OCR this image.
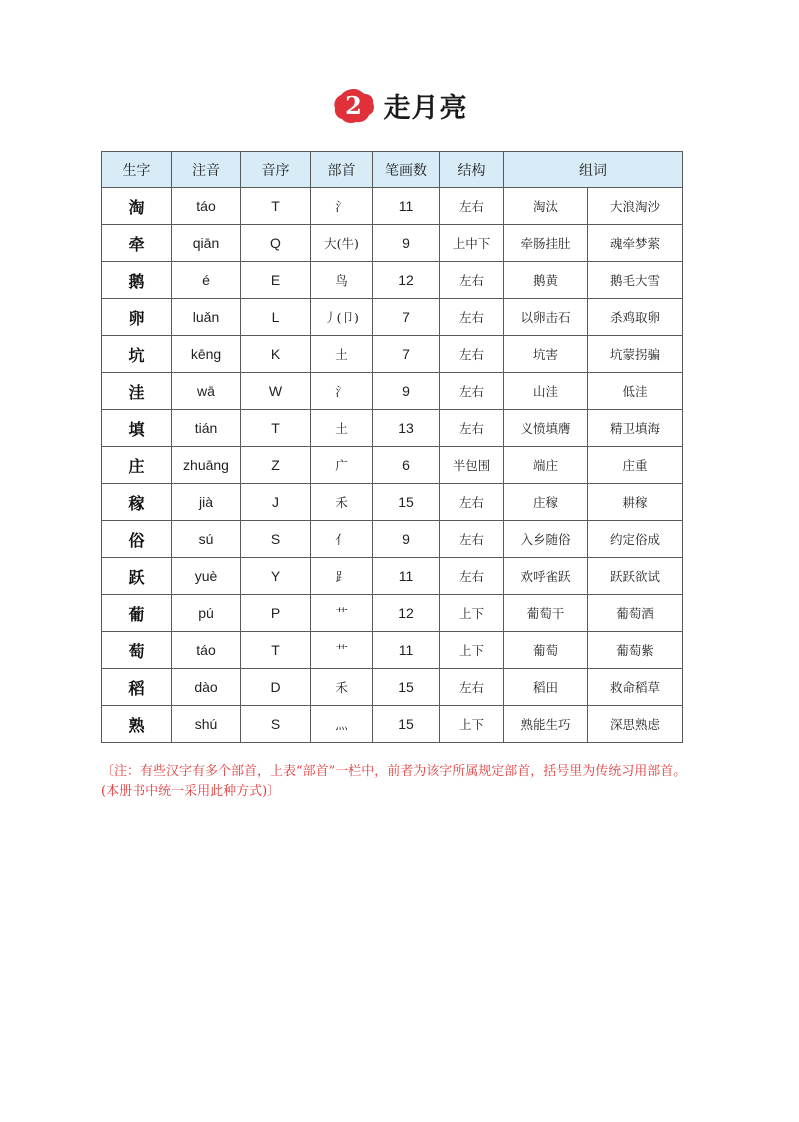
2 走月亮
生字	注音	音序	部首	笔画数	结构	组词	
淘	táo	T	氵	11	左右	淘汰	大浪淘沙
牵	qiān	Q	大(牛)	9	上中下	牵肠挂肚	魂牵梦萦
鹅	é	E	鸟	12	左右	鹅黄	鹅毛大雪
卵	luǎn	L	丿(卩)	7	左右	以卵击石	杀鸡取卵
坑	kēng	K	土	7	左右	坑害	坑蒙拐骗
洼	wā	W	氵	9	左右	山洼	低洼
填	tián	T	土	13	左右	义愤填膺	精卫填海
庄	zhuāng	Z	广	6	半包围	端庄	庄重
稼	jià	J	禾	15	左右	庄稼	耕稼
俗	sú	S	亻	9	左右	入乡随俗	约定俗成
跃	yuè	Y	⻊	11	左右	欢呼雀跃	跃跃欲试
葡	pú	P	艹	12	上下	葡萄干	葡萄酒
萄	táo	T	艹	11	上下	葡萄	葡萄紫
稻	dào	D	禾	15	左右	稻田	救命稻草
熟	shú	S	灬	15	上下	熟能生巧	深思熟虑
〔注：有些汉字有多个部首，上表“部首”一栏中，前者为该字所属规定部首，括号里为传统习用部首。(本册书中统一采用此种方式)〕
